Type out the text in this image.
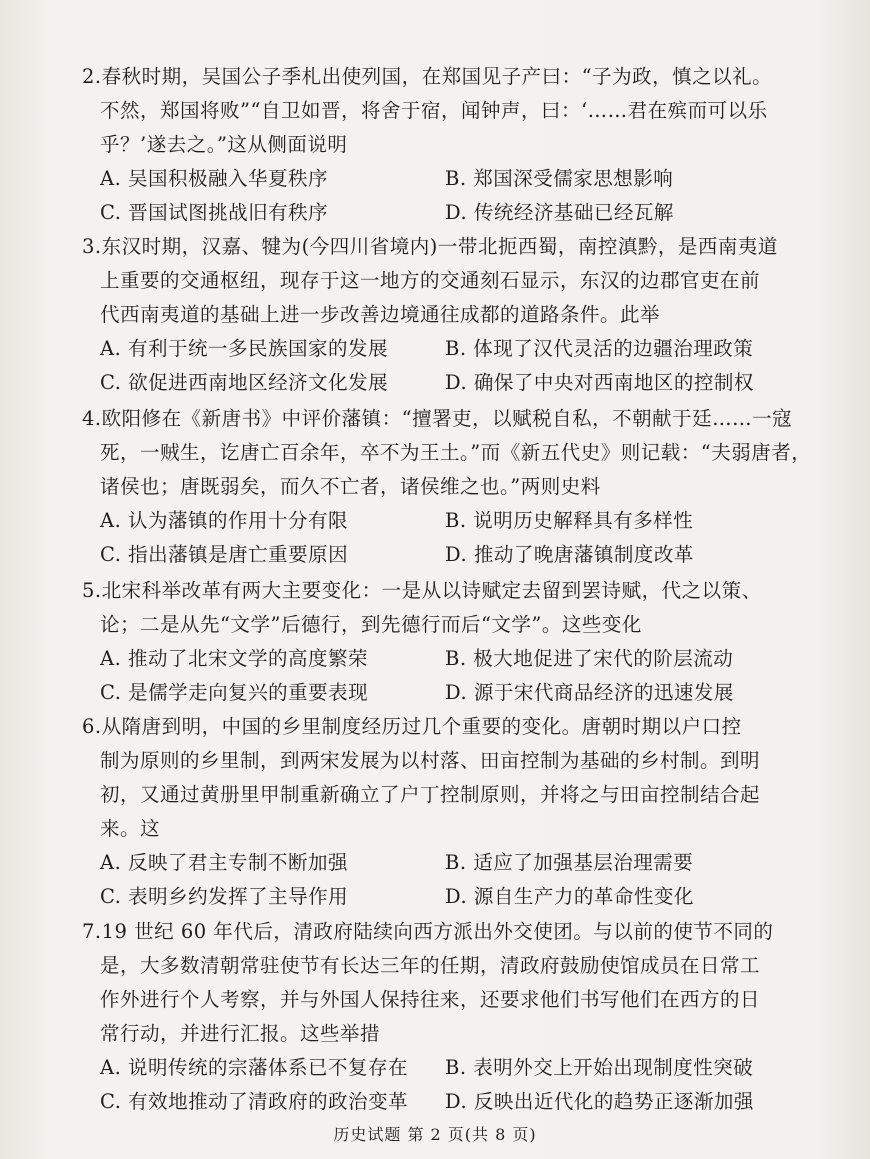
2.春秋时期，吴国公子季札出使列国，在郑国见子产曰：“子为政，慎之以礼。
不然，郑国将败”“自卫如晋，将舍于宿，闻钟声，曰：‘……君在殡而可以乐
乎？’遂去之。”这从侧面说明
A. 吴国积极融入华夏秩序	B. 郑国深受儒家思想影响
C. 晋国试图挑战旧有秩序	D. 传统经济基础已经瓦解
3.东汉时期，汉嘉、犍为(今四川省境内)一带北扼西蜀，南控滇黔，是西南夷道
上重要的交通枢纽，现存于这一地方的交通刻石显示，东汉的边郡官吏在前
代西南夷道的基础上进一步改善边境通往成都的道路条件。此举
A. 有利于统一多民族国家的发展	B. 体现了汉代灵活的边疆治理政策
C. 欲促进西南地区经济文化发展	D. 确保了中央对西南地区的控制权
4.欧阳修在《新唐书》中评价藩镇：“擅署吏，以赋税自私，不朝献于廷……一寇
死，一贼生，讫唐亡百余年，卒不为王土。”而《新五代史》则记载：“夫弱唐者，
诸侯也；唐既弱矣，而久不亡者，诸侯维之也。”两则史料
A. 认为藩镇的作用十分有限	B. 说明历史解释具有多样性
C. 指出藩镇是唐亡重要原因	D. 推动了晚唐藩镇制度改革
5.北宋科举改革有两大主要变化：一是从以诗赋定去留到罢诗赋，代之以策、
论；二是从先“文学”后德行，到先德行而后“文学”。这些变化
A. 推动了北宋文学的高度繁荣	B. 极大地促进了宋代的阶层流动
C. 是儒学走向复兴的重要表现	D. 源于宋代商品经济的迅速发展
6.从隋唐到明，中国的乡里制度经历过几个重要的变化。唐朝时期以户口控
制为原则的乡里制，到两宋发展为以村落、田亩控制为基础的乡村制。到明
初，又通过黄册里甲制重新确立了户丁控制原则，并将之与田亩控制结合起
来。这
A. 反映了君主专制不断加强	B. 适应了加强基层治理需要
C. 表明乡约发挥了主导作用	D. 源自生产力的革命性变化
7.19 世纪 60 年代后，清政府陆续向西方派出外交使团。与以前的使节不同的
是，大多数清朝常驻使节有长达三年的任期，清政府鼓励使馆成员在日常工
作外进行个人考察，并与外国人保持往来，还要求他们书写他们在西方的日
常行动，并进行汇报。这些举措
A. 说明传统的宗藩体系已不复存在	B. 表明外交上开始出现制度性突破
C. 有效地推动了清政府的政治变革	D. 反映出近代化的趋势正逐渐加强
历史试题 第 2 页(共 8 页)
